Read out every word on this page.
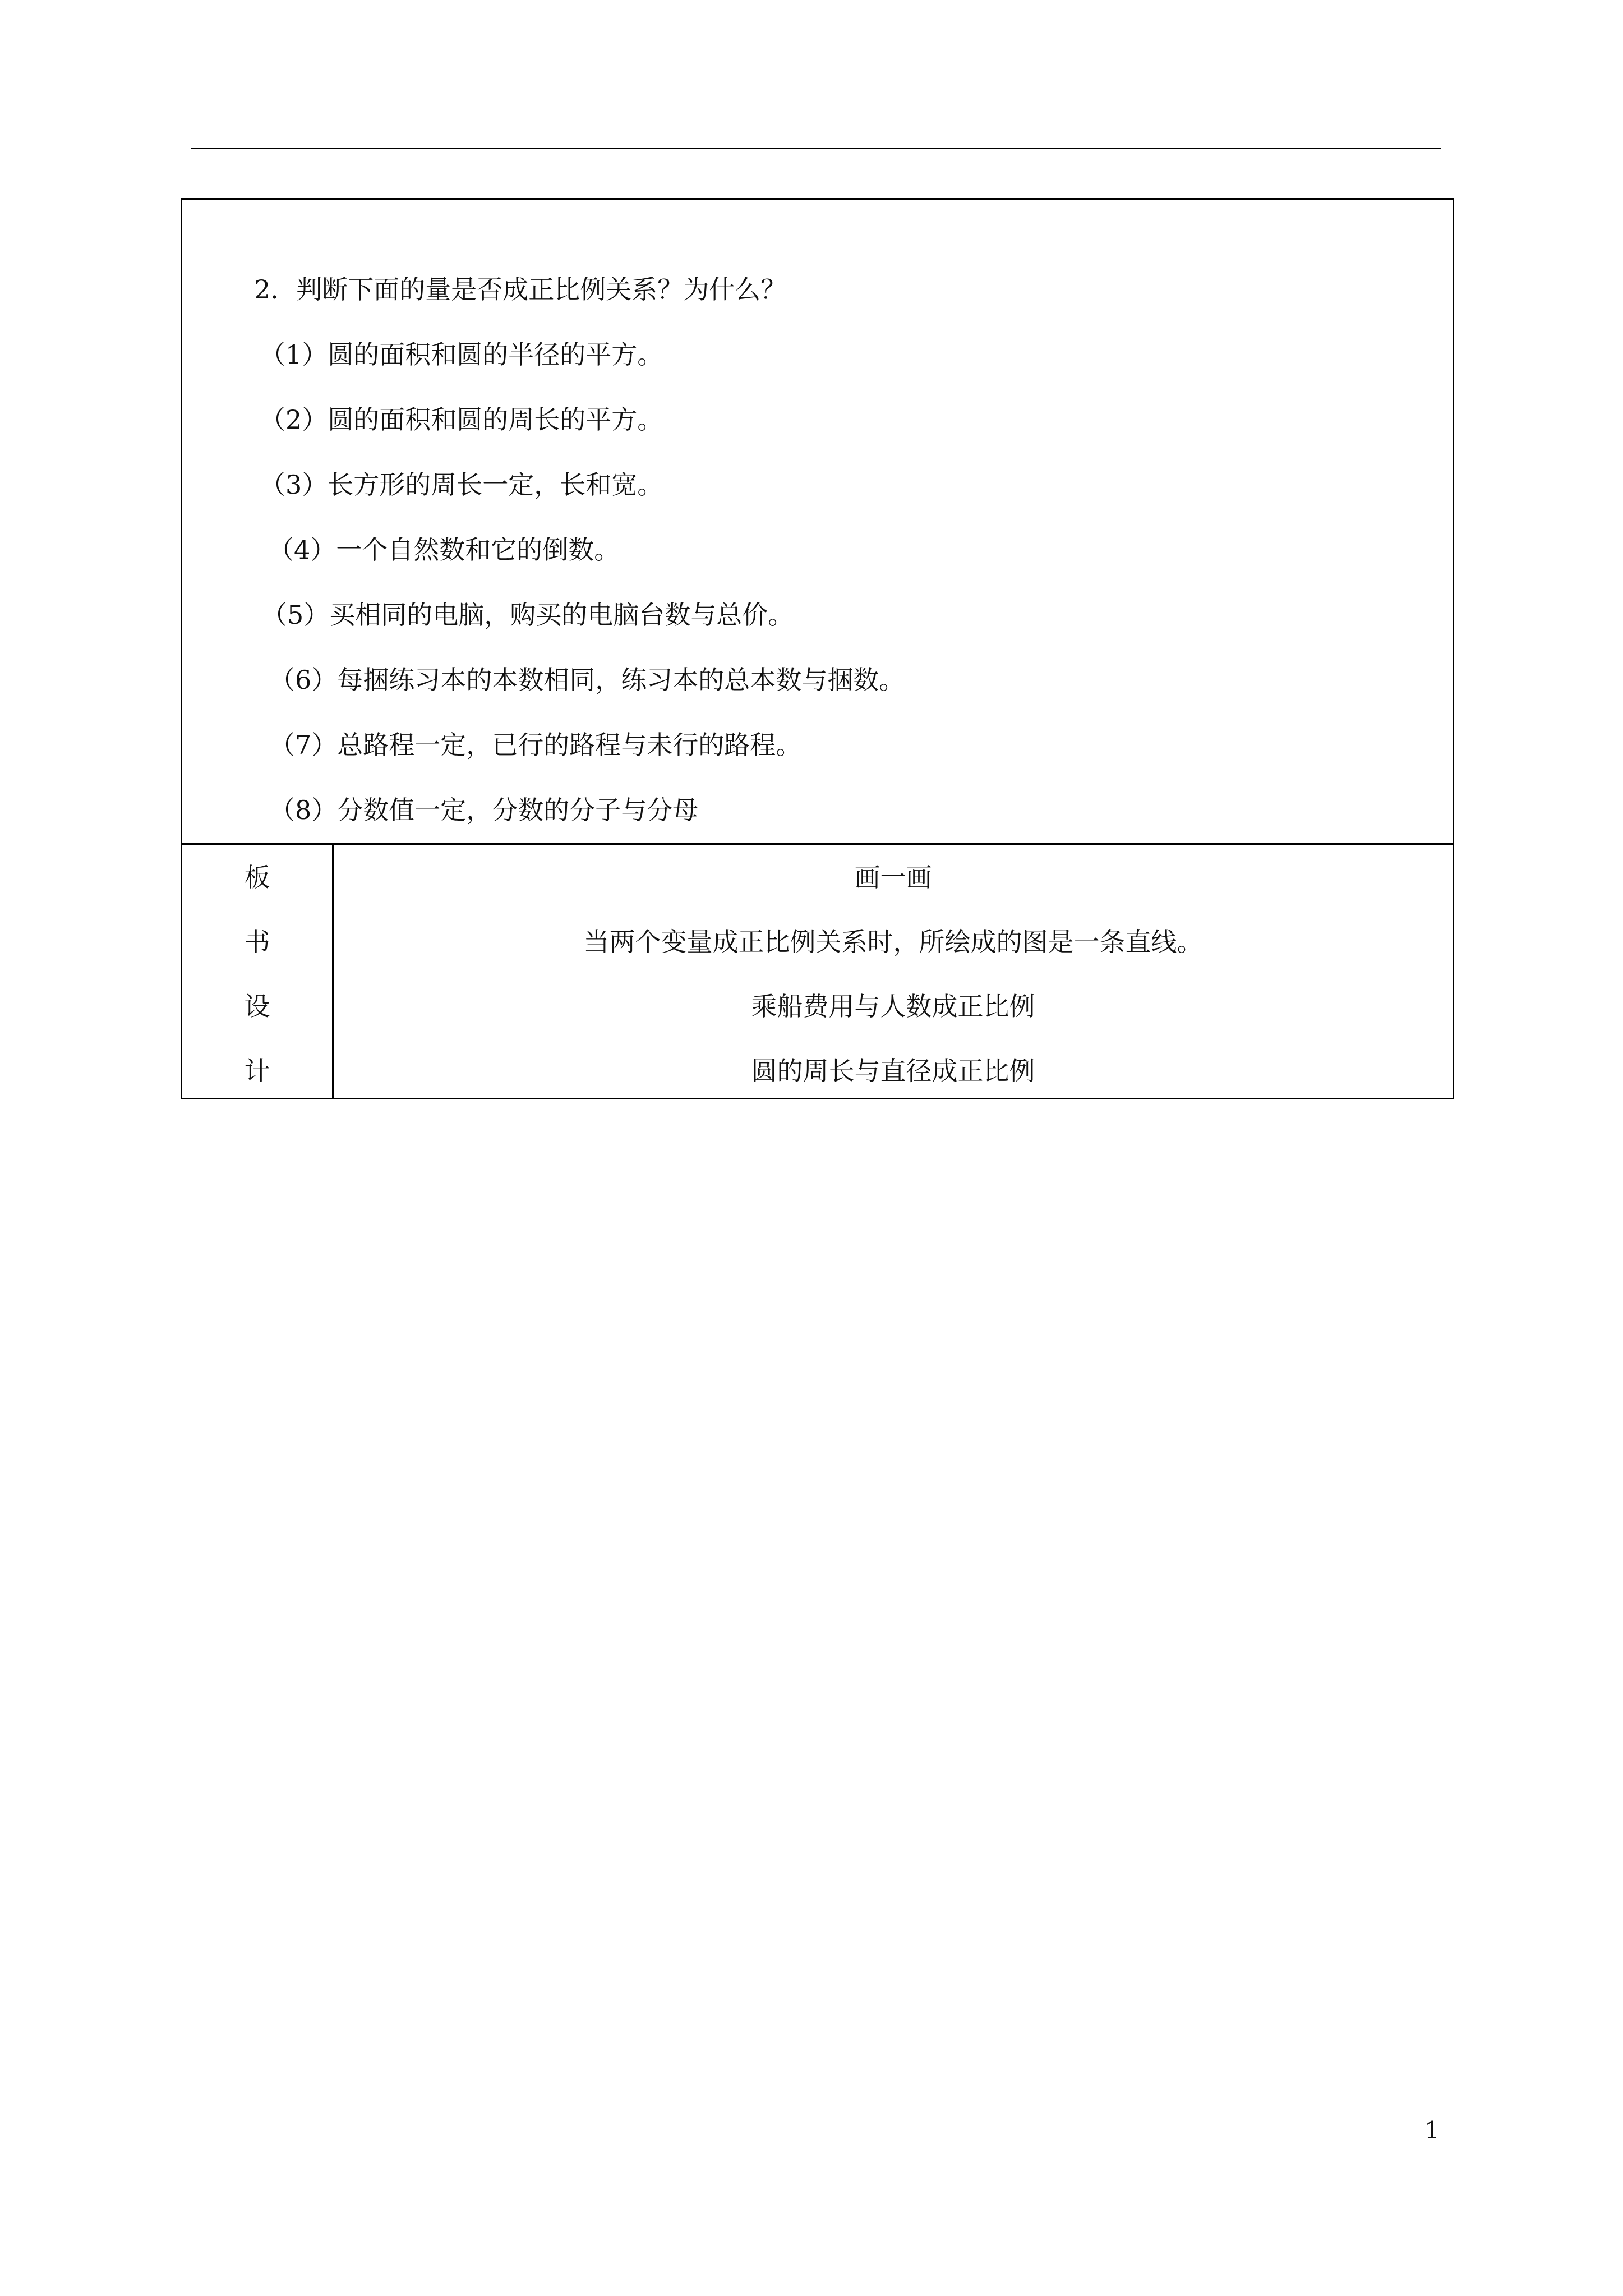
2．判断下面的量是否成正比例关系？为什么？
（1）圆的面积和圆的半径的平方。
（2）圆的面积和圆的周长的平方。
（3）长方形的周长一定，长和宽。
（4）一个自然数和它的倒数。
（5）买相同的电脑，购买的电脑台数与总价。
（6）每捆练习本的本数相同，练习本的总本数与捆数。
（7）总路程一定，已行的路程与未行的路程。
（8）分数值一定，分数的分子与分母
板
书
设
计
画一画
当两个变量成正比例关系时，所绘成的图是一条直线。
乘船费用与人数成正比例
圆的周长与直径成正比例
1
